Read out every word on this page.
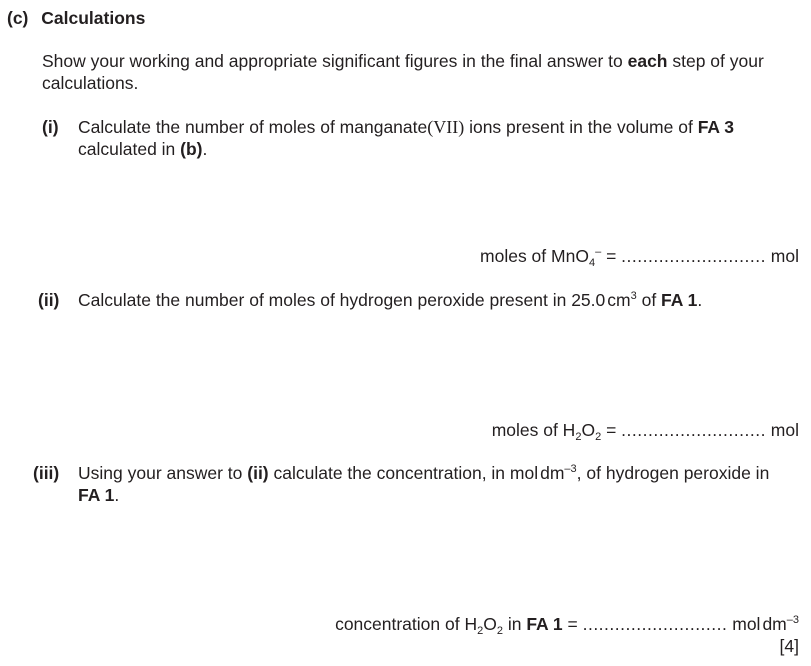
(c) Calculations
Show your working and appropriate significant figures in the final answer to each step of your
calculations.
(i) Calculate the number of moles of manganate(VII) ions present in the volume of FA 3
calculated in (b).
moles of MnO$_4$– = ........................... mol
(ii) Calculate the number of moles of hydrogen peroxide present in 25.0 $cm^3$ of FA 1.
moles of $H_2O_2$ = ........................... mol
(iii) Using your answer to (ii) calculate the concentration, in mol $dm^{-3}$, of hydrogen peroxide in
FA 1.
concentration of $H_2O_2$ in FA 1 = ........................... mol $dm^{-3}$
[4]
